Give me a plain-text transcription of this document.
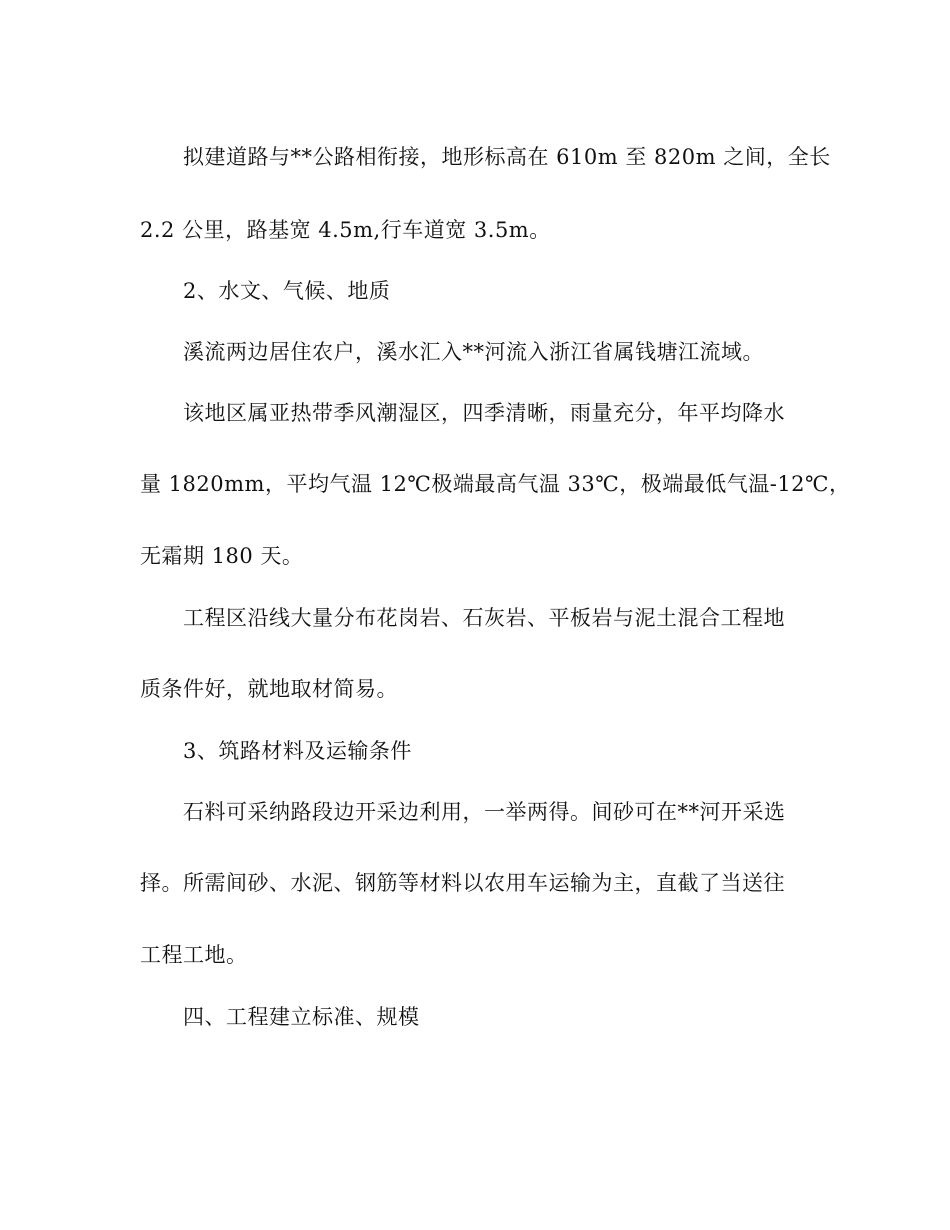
拟建道路与**公路相衔接，地形标高在 610m 至 820m 之间，全长
2.2 公里，路基宽 4.5m,行车道宽 3.5m。
2、水文、气候、地质
溪流两边居住农户，溪水汇入**河流入浙江省属钱塘江流域。
该地区属亚热带季风潮湿区，四季清晰，雨量充分，年平均降水
量 1820mm，平均气温 12℃极端最高气温 33℃，极端最低气温-12℃，
无霜期 180 天。
工程区沿线大量分布花岗岩、石灰岩、平板岩与泥土混合工程地
质条件好，就地取材简易。
3、筑路材料及运输条件
石料可采纳路段边开采边利用，一举两得。间砂可在**河开采选
择。所需间砂、水泥、钢筋等材料以农用车运输为主，直截了当送往
工程工地。
四、工程建立标准、规模
